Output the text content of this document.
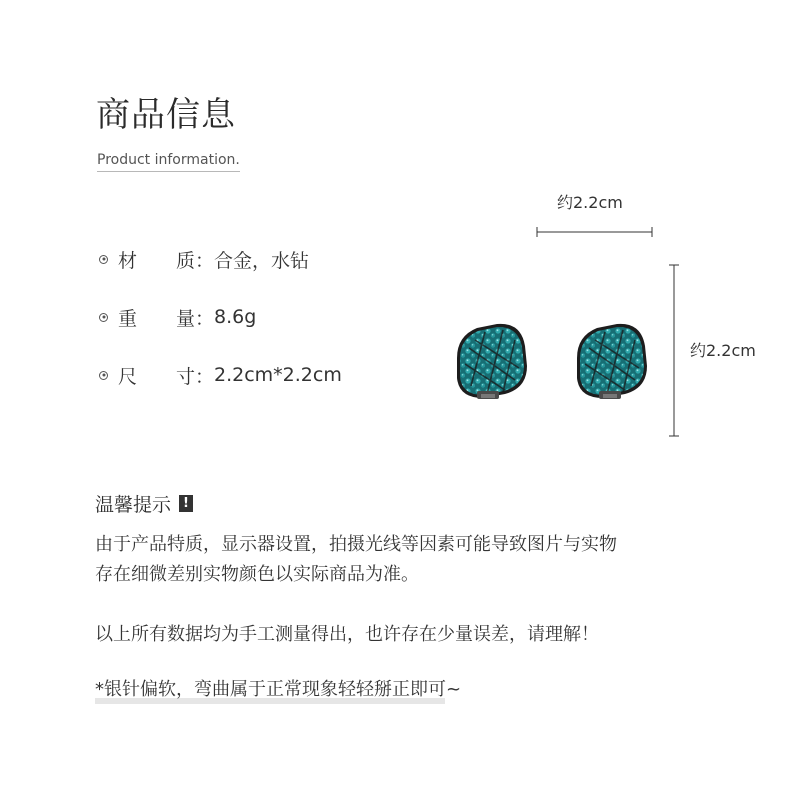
商品信息
Product information.
材 质： 合金，水钻
重 量： 8.6g
尺 寸： 2.2cm*2.2cm
约2.2cm
约2.2cm
温馨提示 !
由于产品特质，显示器设置，拍摄光线等因素可能导致图片与实物
存在细微差别实物颜色以实际商品为准。
以上所有数据均为手工测量得出，也许存在少量误差，请理解！
*银针偏软，弯曲属于正常现象轻轻掰正即可~
